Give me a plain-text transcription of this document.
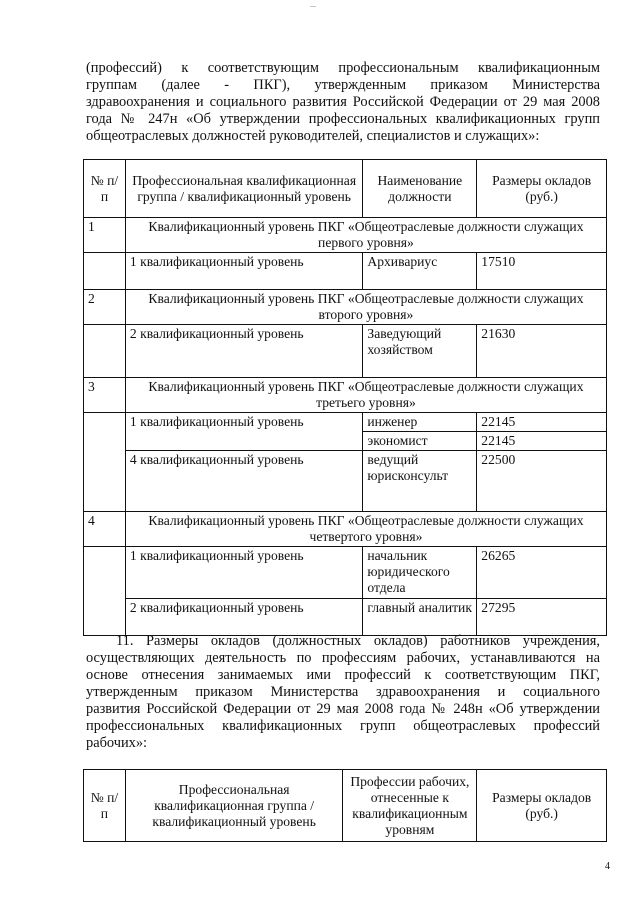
...
(профессий) к соответствующим профессиональным квалификационным
группам (далее - ПКГ), утвержденным приказом Министерства
здравоохранения и социального развития Российской Федерации от 29 мая 2008
года № 247н «Об утверждении профессиональных квалификационных групп
общеотраслевых должностей руководителей, специалистов и служащих»:
№ п/п	Профессиональная квалификационная группа / квалификационный уровень	Наименование должности	Размеры окладов (руб.)
1	Квалификационный уровень ПКГ «Общеотраслевые должности служащих первого уровня»		
	1 квалификационный уровень	Архивариус	17510
2	Квалификационный уровень ПКГ «Общеотраслевые должности служащих второго уровня»		
	2 квалификационный уровень	Заведующий хозяйством	21630
3	Квалификационный уровень ПКГ «Общеотраслевые должности служащих третьего уровня»		
	1 квалификационный уровень	инженер	22145
		экономист	22145
	4 квалификационный уровень	ведущий юрисконсульт	22500
4	Квалификационный уровень ПКГ «Общеотраслевые должности служащих четвертого уровня»		
	1 квалификационный уровень	начальник юридического отдела	26265
	2 квалификационный уровень	главный аналитик	27295
11. Размеры окладов (должностных окладов) работников учреждения,
осуществляющих деятельность по профессиям рабочих, устанавливаются на
основе отнесения занимаемых ими профессий к соответствующим ПКГ,
утвержденным приказом Министерства здравоохранения и социального
развития Российской Федерации от 29 мая 2008 года № 248н «Об утверждении
профессиональных квалификационных групп общеотраслевых профессий
рабочих»:
№ п/п	Профессиональная квалификационная группа / квалификационный уровень	Профессии рабочих, отнесенные к квалификационным уровням	Размеры окладов (руб.)
4
